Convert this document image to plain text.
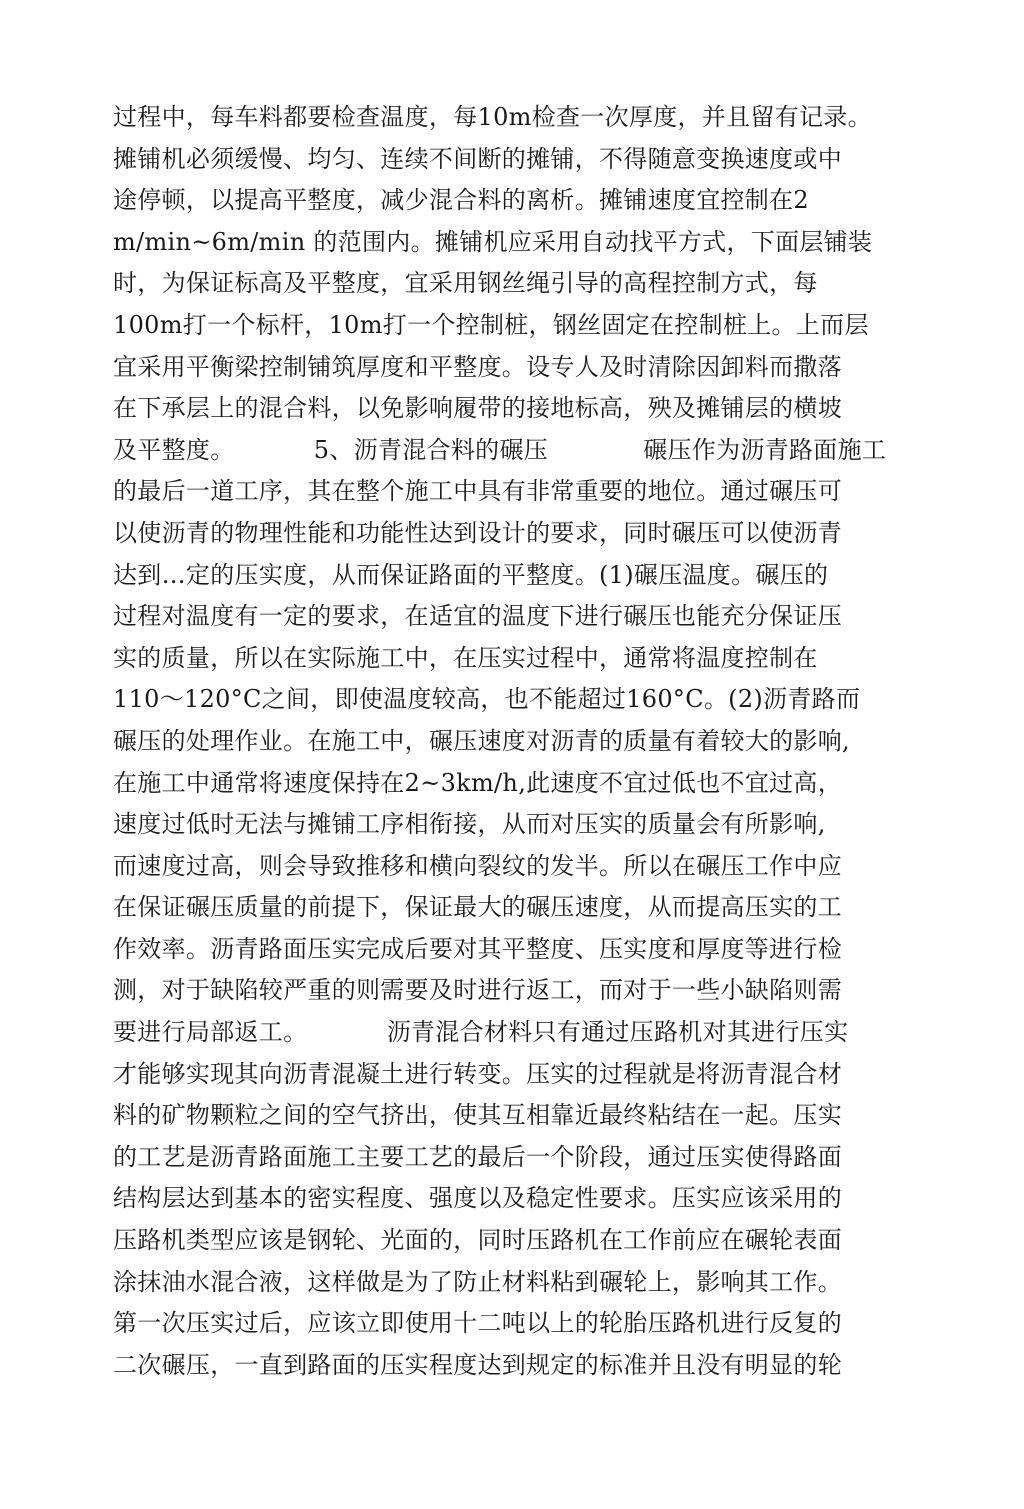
过程中，每车料都要检查温度，每10m检查一次厚度，并且留有记录。
摊铺机必须缓慢、均匀、连续不间断的摊铺，不得随意变换速度或中
途停顿，以提高平整度，减少混合料的离析。摊铺速度宜控制在2
m/min~6m/min 的范围内。摊铺机应采用自动找平方式，下面层铺装
时，为保证标高及平整度，宜采用钢丝绳引导的高程控制方式，每
100m打一个标杆，10m打一个控制桩，钢丝固定在控制桩上。上而层
宜采用平衡梁控制铺筑厚度和平整度。设专人及时清除因卸料而撒落
在下承层上的混合料，以免影响履带的接地标高，殃及摊铺层的横坡
及平整度。          5、沥青混合料的碾压            碾压作为沥青路面施工
的最后一道工序，其在整个施工中具有非常重要的地位。通过碾压可
以使沥青的物理性能和功能性达到设计的要求，同时碾压可以使沥青
达到…定的压实度，从而保证路面的平整度。(1)碾压温度。碾压的
过程对温度有一定的要求，在适宜的温度下进行碾压也能充分保证压
实的质量，所以在实际施工中，在压实过程中，通常将温度控制在
110～120°C之间，即使温度较高，也不能超过160°C。(2)沥青路而
碾压的处理作业。在施工中，碾压速度对沥青的质量有着较大的影响,
在施工中通常将速度保持在2~3km/h,此速度不宜过低也不宜过高，
速度过低时无法与摊铺工序相衔接，从而对压实的质量会有所影响,
而速度过高，则会导致推移和横向裂纹的发半。所以在碾压工作中应
在保证碾压质量的前提下，保证最大的碾压速度，从而提高压实的工
作效率。沥青路面压实完成后要对其平整度、压实度和厚度等进行检
测，对于缺陷较严重的则需要及时进行返工，而对于一些小缺陷则需
要进行局部返工。          沥青混合材料只有通过压路机对其进行压实
才能够实现其向沥青混凝土进行转变。压实的过程就是将沥青混合材
料的矿物颗粒之间的空气挤出，使其互相靠近最终粘结在一起。压实
的工艺是沥青路面施工主要工艺的最后一个阶段，通过压实使得路面
结构层达到基本的密实程度、强度以及稳定性要求。压实应该采用的
压路机类型应该是钢轮、光面的，同时压路机在工作前应在碾轮表面
涂抹油水混合液，这样做是为了防止材料粘到碾轮上，影响其工作。
第一次压实过后，应该立即使用十二吨以上的轮胎压路机进行反复的
二次碾压，一直到路面的压实程度达到规定的标准并且没有明显的轮
